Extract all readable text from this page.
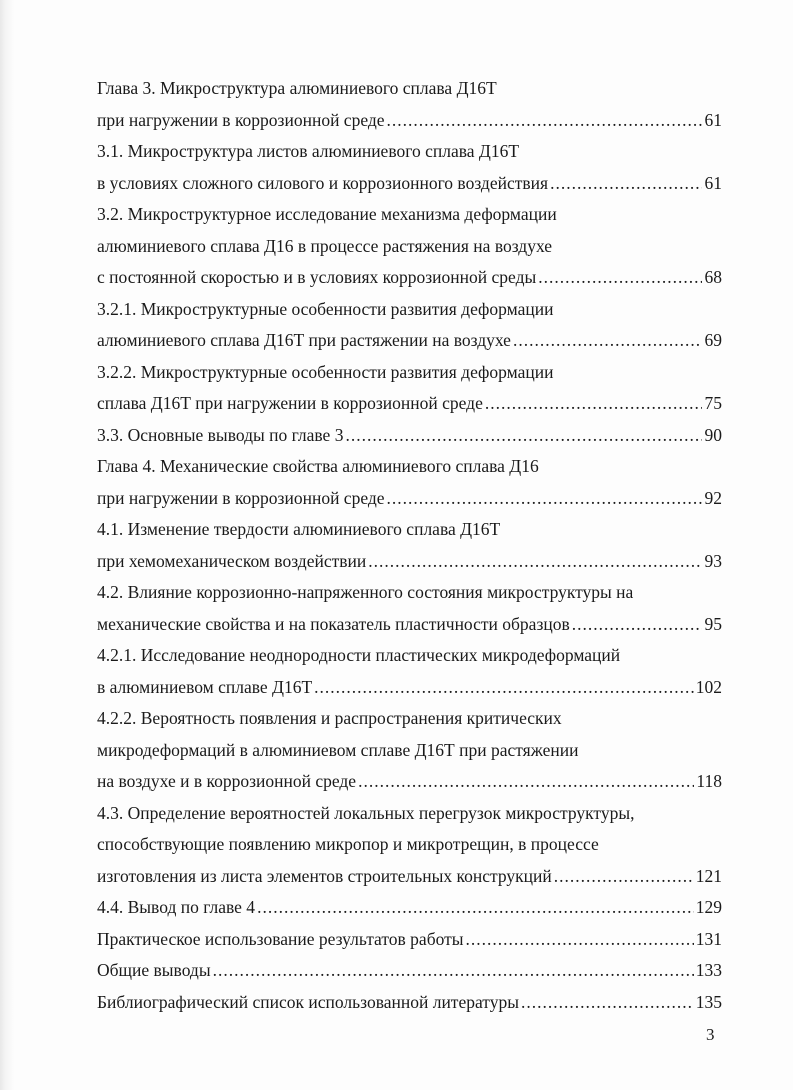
Глава 3. Микроструктура алюминиевого сплава Д16Т
при нагружении в коррозионной среде .....	61
3.1. Микроструктура листов алюминиевого сплава Д16Т
в условиях сложного силового и коррозионного воздействия .....	61
3.2. Микроструктурное исследование механизма деформации
алюминиевого сплава Д16 в процессе растяжения на воздухе
с постоянной скоростью и в условиях коррозионной среды .....	68
3.2.1. Микроструктурные особенности развития деформации
алюминиевого сплава Д16Т при растяжении на воздухе .....	69
3.2.2. Микроструктурные особенности развития деформации
сплава Д16Т при нагружении в коррозионной среде .....	75
3.3. Основные выводы по главе 3 .....	90
Глава 4. Механические свойства алюминиевого сплава Д16
при нагружении в коррозионной среде .....	92
4.1. Изменение твердости алюминиевого сплава Д16Т
при хемомеханическом воздействии .....	93
4.2. Влияние коррозионно-напряженного состояния микроструктуры на
механические свойства и на показатель пластичности образцов .....	95
4.2.1. Исследование неоднородности пластических микродеформаций
в алюминиевом сплаве Д16Т .....	102
4.2.2. Вероятность появления и распространения критических
микродеформаций в алюминиевом сплаве Д16Т при растяжении
на воздухе и в коррозионной среде .....	118
4.3. Определение вероятностей локальных перегрузок микроструктуры,
способствующие появлению микропор и микротрещин, в процессе
изготовления из листа элементов строительных конструкций .....	121
4.4. Вывод по главе 4 .....	129
Практическое использование результатов работы .....	131
Общие выводы .....	133
Библиографический список использованной литературы .....	135
3
